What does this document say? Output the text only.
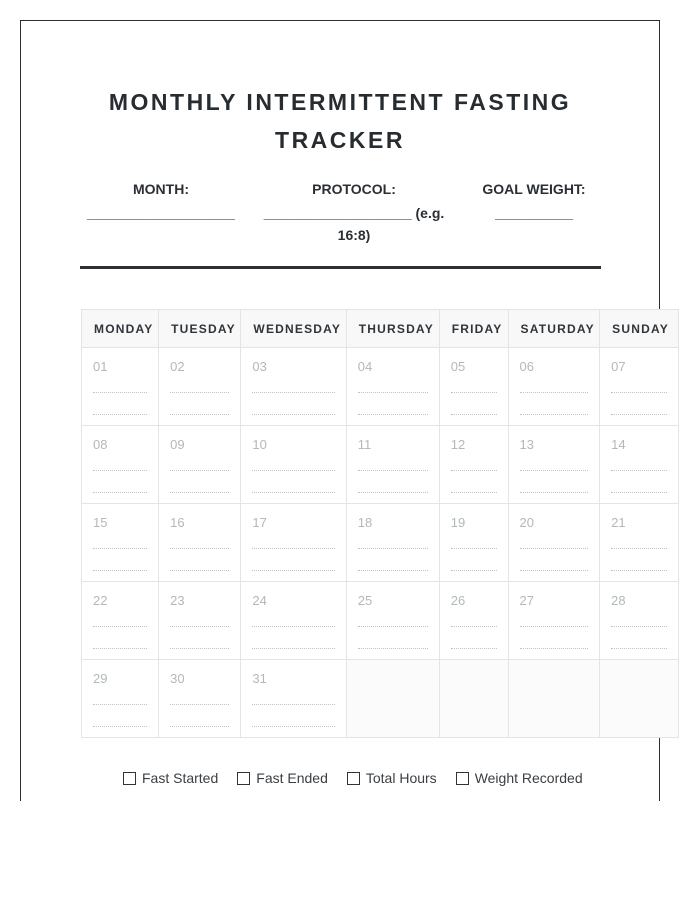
MONTHLY INTERMITTENT FASTING TRACKER
MONTH:
___________________
PROTOCOL:
___________________ (e.g. 16:8)
GOAL WEIGHT:
__________
MONDAY	TUESDAY	WEDNESDAY	THURSDAY	FRIDAY	SATURDAY	SUNDAY

01	02	03	04	05	06	07

08	09	10	11	12	13	14

15	16	17	18	19	20	21

22	23	24	25	26	27	28

29	30	31				

Fast Started	Fast Ended	Total Hours	Weight Recorded
